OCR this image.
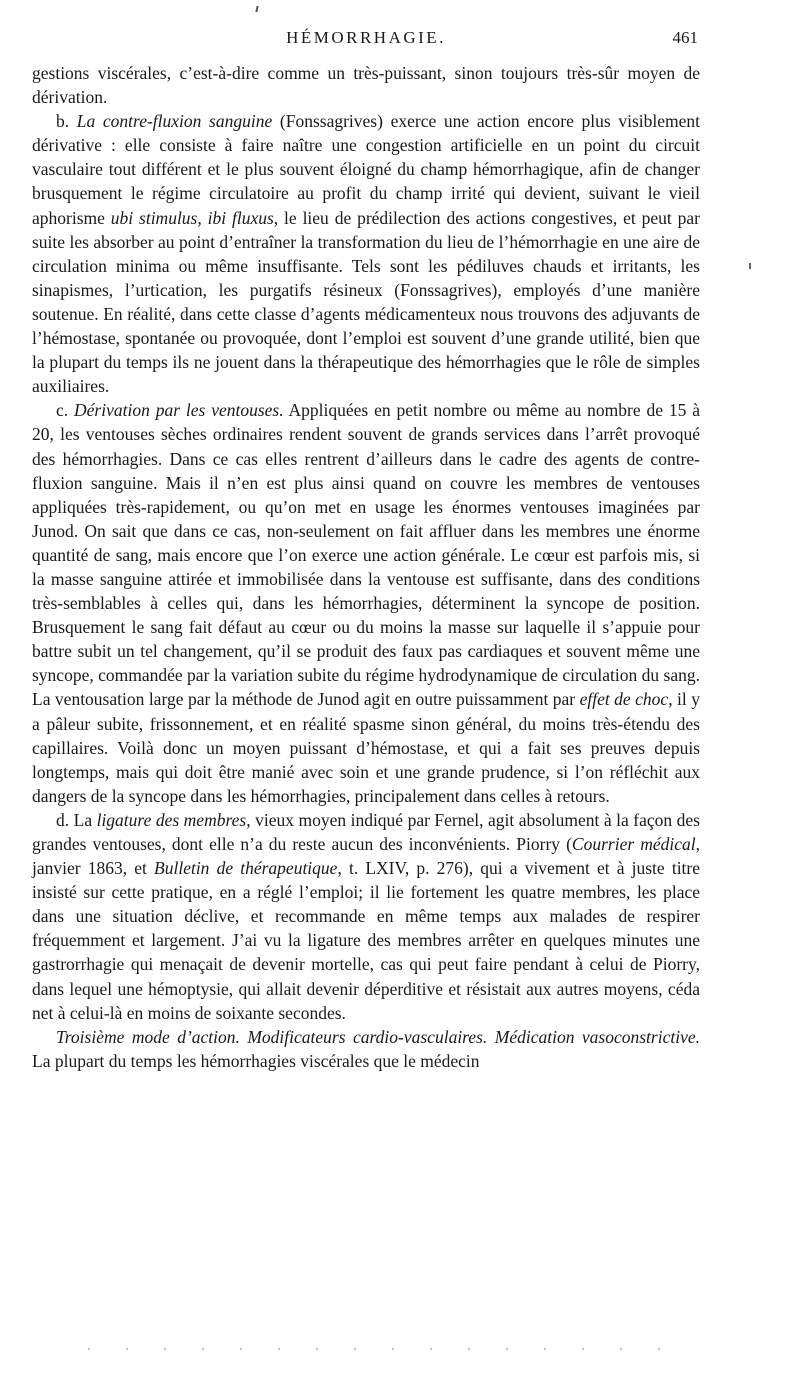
HÉMORRHAGIE.	461

gestions viscérales, c’est-à-dire comme un très-puissant, sinon toujours très-sûr moyen de dérivation.

b. La contre-fluxion sanguine (Fonssagrives) exerce une action encore plus visiblement dérivative : elle consiste à faire naître une congestion artificielle en un point du circuit vasculaire tout différent et le plus souvent éloigné du champ hémorrhagique, afin de changer brusquement le régime circulatoire au profit du champ irrité qui devient, suivant le vieil aphorisme ubi stimulus, ibi fluxus, le lieu de prédilection des actions congestives, et peut par suite les absorber au point d’entraîner la transformation du lieu de l’hémorrhagie en une aire de circulation minima ou même insuffisante. Tels sont les pédiluves chauds et irritants, les sinapismes, l’urtication, les purgatifs résineux (Fonssagrives), employés d’une manière soutenue. En réalité, dans cette classe d’agents médicamenteux nous trouvons des adjuvants de l’hémostase, spontanée ou provoquée, dont l’emploi est souvent d’une grande utilité, bien que la plupart du temps ils ne jouent dans la thérapeutique des hémorrhagies que le rôle de simples auxiliaires.

c. Dérivation par les ventouses. Appliquées en petit nombre ou même au nombre de 15 à 20, les ventouses sèches ordinaires rendent souvent de grands services dans l’arrêt provoqué des hémorrhagies. Dans ce cas elles rentrent d’ailleurs dans le cadre des agents de contre-fluxion sanguine. Mais il n’en est plus ainsi quand on couvre les membres de ventouses appliquées très-rapidement, ou qu’on met en usage les énormes ventouses imaginées par Junod. On sait que dans ce cas, non-seulement on fait affluer dans les membres une énorme quantité de sang, mais encore que l’on exerce une action générale. Le cœur est parfois mis, si la masse sanguine attirée et immobilisée dans la ventouse est suffisante, dans des conditions très-semblables à celles qui, dans les hémorrhagies, déterminent la syncope de position. Brusquement le sang fait défaut au cœur ou du moins la masse sur laquelle il s’appuie pour battre subit un tel changement, qu’il se produit des faux pas cardiaques et souvent même une syncope, commandée par la variation subite du régime hydrodynamique de circulation du sang. La ventousation large par la méthode de Junod agit en outre puissamment par effet de choc, il y a pâleur subite, frissonnement, et en réalité spasme sinon général, du moins très-étendu des capillaires. Voilà donc un moyen puissant d’hémostase, et qui a fait ses preuves depuis longtemps, mais qui doit être manié avec soin et une grande prudence, si l’on réfléchit aux dangers de la syncope dans les hémorrhagies, principalement dans celles à retours.

d. La ligature des membres, vieux moyen indiqué par Fernel, agit absolument à la façon des grandes ventouses, dont elle n’a du reste aucun des inconvénients. Piorry (Courrier médical, janvier 1863, et Bulletin de thérapeutique, t. LXIV, p. 276), qui a vivement et à juste titre insisté sur cette pratique, en a réglé l’emploi; il lie fortement les quatre membres, les place dans une situation déclive, et recommande en même temps aux malades de respirer fréquemment et largement. J’ai vu la ligature des membres arrêter en quelques minutes une gastrorrhagie qui menaçait de devenir mortelle, cas qui peut faire pendant à celui de Piorry, dans lequel une hémoptysie, qui allait devenir déperditive et résistait aux autres moyens, céda net à celui-là en moins de soixante secondes.

Troisième mode d’action. Modificateurs cardio-vasculaires. Médication vasoconstrictive. La plupart du temps les hémorrhagies viscérales que le médecin
